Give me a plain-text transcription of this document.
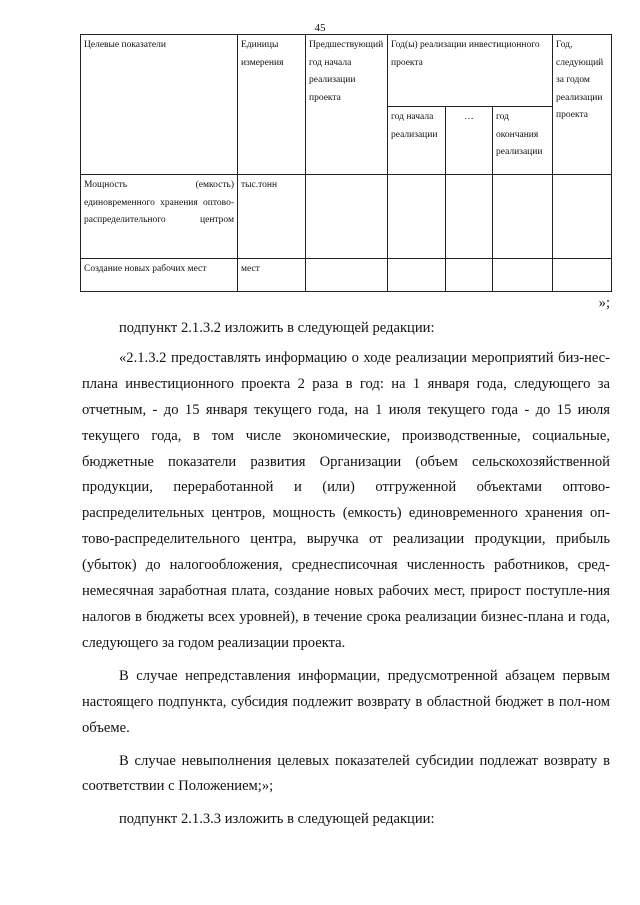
45
Целевые показатели	Единицы измерения	Предшествующий год начала реализации проекта	Год(ы) реализации инвестиционного проекта			Год, следующий за годом реализации проекта
			год начала реализации	…	год окончания реализации	
Мощность (емкость) единовременного хранения оптово-распределительного центром	тыс.тонн					
Создание новых рабочих мест	мест					
»;

подпункт 2.1.3.2 изложить в следующей редакции:

«2.1.3.2 предоставлять информацию о ходе реализации мероприятий биз-нес-плана инвестиционного проекта 2 раза в год: на 1 января года, следующего за отчетным, - до 15 января текущего года, на 1 июля текущего года - до 15 июля текущего года, в том числе экономические, производственные, социальные, бюджетные показатели развития Организации (объем сельскохозяйственной продукции, переработанной и (или) отгруженной объектами оптово-распределительных центров, мощность (емкость) единовременного хранения оп-тово-распределительного центра, выручка от реализации продукции, прибыль (убыток) до налогообложения, среднесписочная численность работников, сред-немесячная заработная плата, создание новых рабочих мест, прирост поступле-ния налогов в бюджеты всех уровней), в течение срока реализации бизнес-плана и года, следующего за годом реализации проекта.

В случае непредставления информации, предусмотренной абзацем первым настоящего подпункта, субсидия подлежит возврату в областной бюджет в пол-ном объеме.

В случае невыполнения целевых показателей субсидии подлежат возврату в соответствии с Положением;»;

подпункт 2.1.3.3 изложить в следующей редакции:
